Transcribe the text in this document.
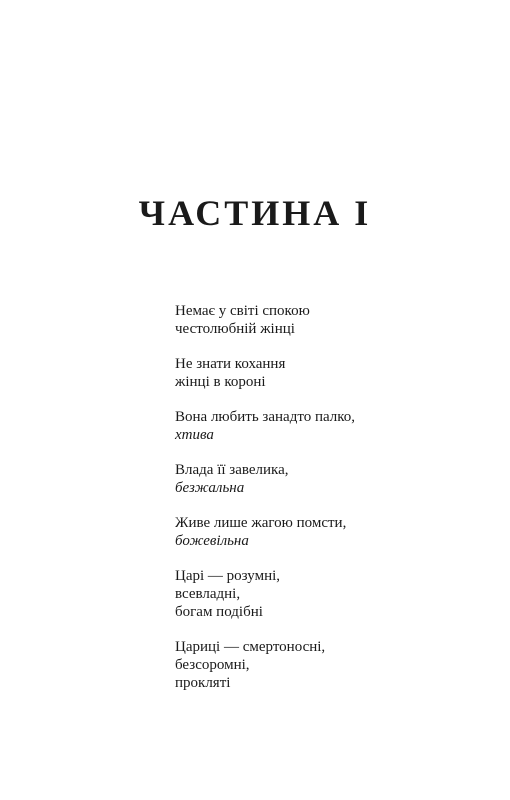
ЧАСТИНА I
Немає у світі спокою
честолюбній жінці
Не знати кохання
жінці в короні
Вона любить занадто палко,
хтива
Влада її завелика,
безжальна
Живе лише жагою помсти,
божевільна
Царі — розумні,
всевладні,
богам подібні
Цариці — смертоносні,
безсоромні,
прокляті
